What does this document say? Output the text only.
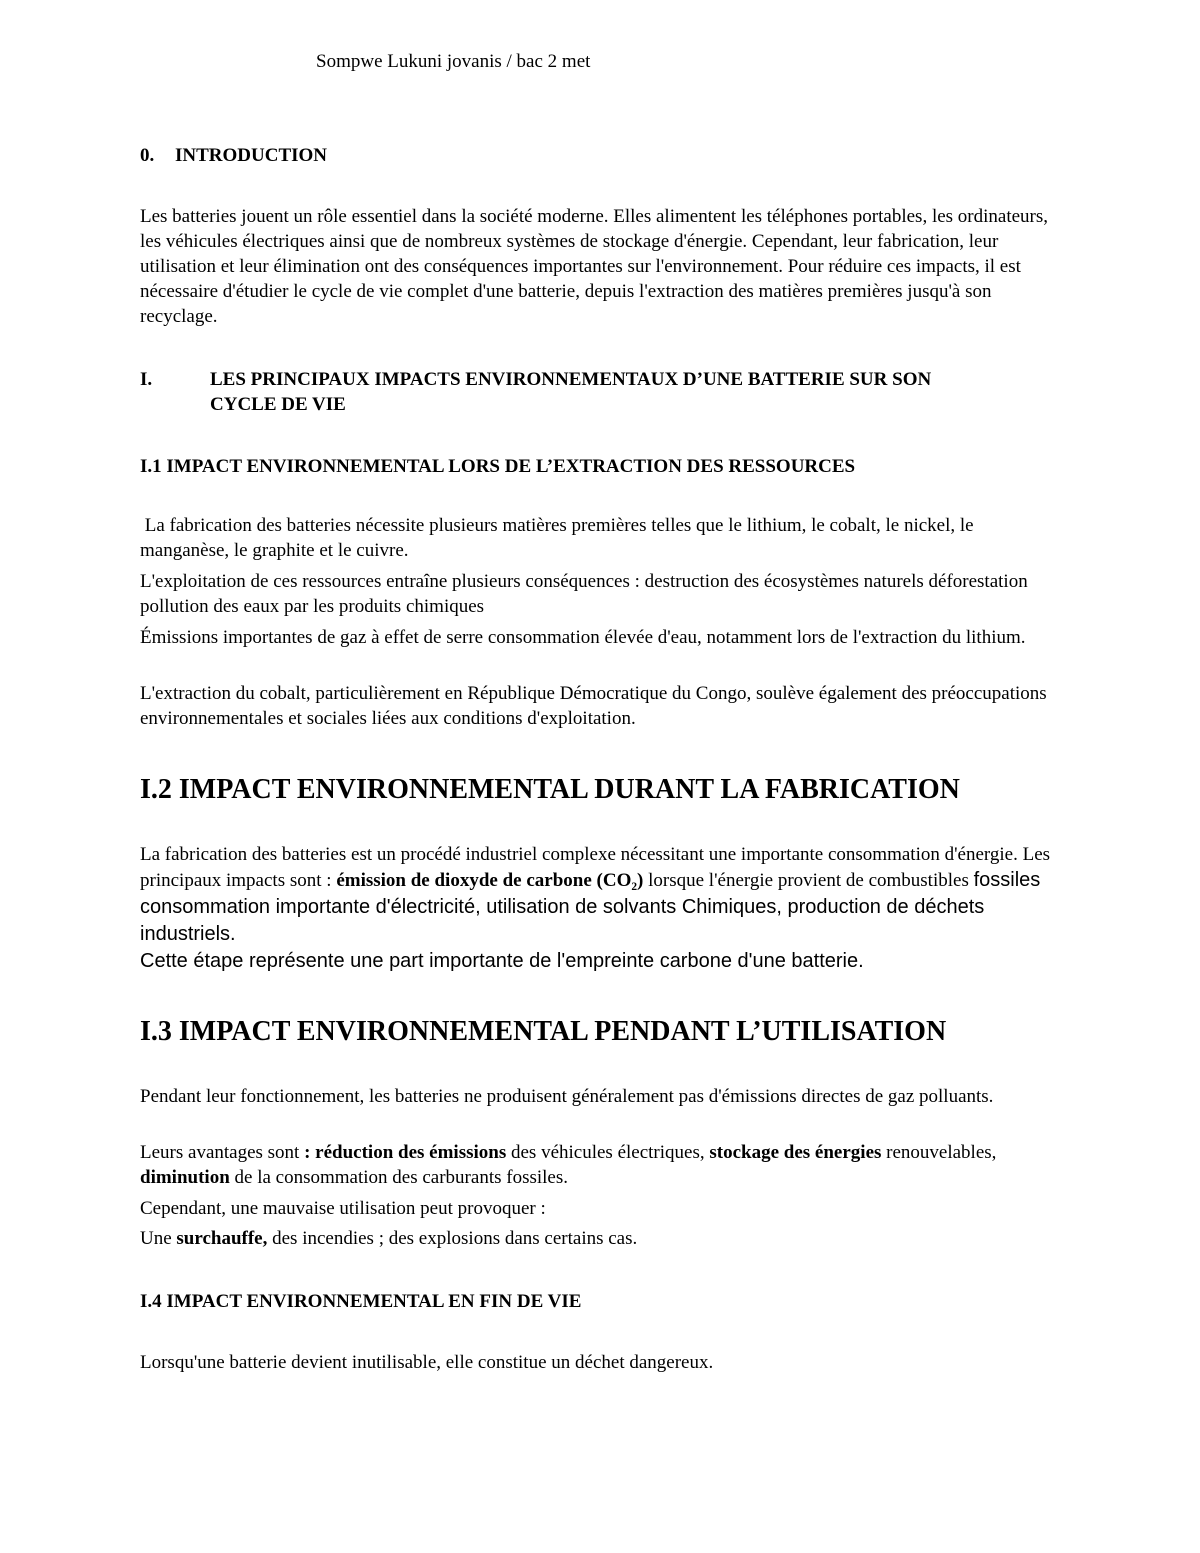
Sompwe Lukuni jovanis / bac 2 met
0. INTRODUCTION
Les batteries jouent un rôle essentiel dans la société moderne. Elles alimentent les téléphones portables, les ordinateurs, les véhicules électriques ainsi que de nombreux systèmes de stockage d'énergie. Cependant, leur fabrication, leur utilisation et leur élimination ont des conséquences importantes sur l'environnement. Pour réduire ces impacts, il est nécessaire d'étudier le cycle de vie complet d'une batterie, depuis l'extraction des matières premières jusqu'à son recyclage.
I.	LES PRINCIPAUX IMPACTS ENVIRONNEMENTAUX D’UNE BATTERIE SUR SON
CYCLE DE VIE
I.1 IMPACT ENVIRONNEMENTAL LORS DE L’EXTRACTION DES RESSOURCES
La fabrication des batteries nécessite plusieurs matières premières telles que le lithium, le cobalt, le nickel, le manganèse, le graphite et le cuivre.
L'exploitation de ces ressources entraîne plusieurs conséquences : destruction des écosystèmes naturels déforestation pollution des eaux par les produits chimiques
Émissions importantes de gaz à effet de serre consommation élevée d'eau, notamment lors de l'extraction du lithium.
L'extraction du cobalt, particulièrement en République Démocratique du Congo, soulève également des préoccupations environnementales et sociales liées aux conditions d'exploitation.
I.2 IMPACT ENVIRONNEMENTAL DURANT LA FABRICATION
La fabrication des batteries est un procédé industriel complexe nécessitant une importante consommation d'énergie. Les principaux impacts sont : émission de dioxyde de carbone (CO₂) lorsque l'énergie provient de combustibles fossiles consommation importante d'électricité, utilisation de solvants Chimiques, production de déchets industriels.
Cette étape représente une part importante de l'empreinte carbone d'une batterie.
I.3 IMPACT ENVIRONNEMENTAL PENDANT L’UTILISATION
Pendant leur fonctionnement, les batteries ne produisent généralement pas d'émissions directes de gaz polluants.
Leurs avantages sont : réduction des émissions des véhicules électriques, stockage des énergies renouvelables, diminution de la consommation des carburants fossiles.
Cependant, une mauvaise utilisation peut provoquer :
Une surchauffe, des incendies ; des explosions dans certains cas.
I.4 IMPACT ENVIRONNEMENTAL EN FIN DE VIE
Lorsqu'une batterie devient inutilisable, elle constitue un déchet dangereux.
